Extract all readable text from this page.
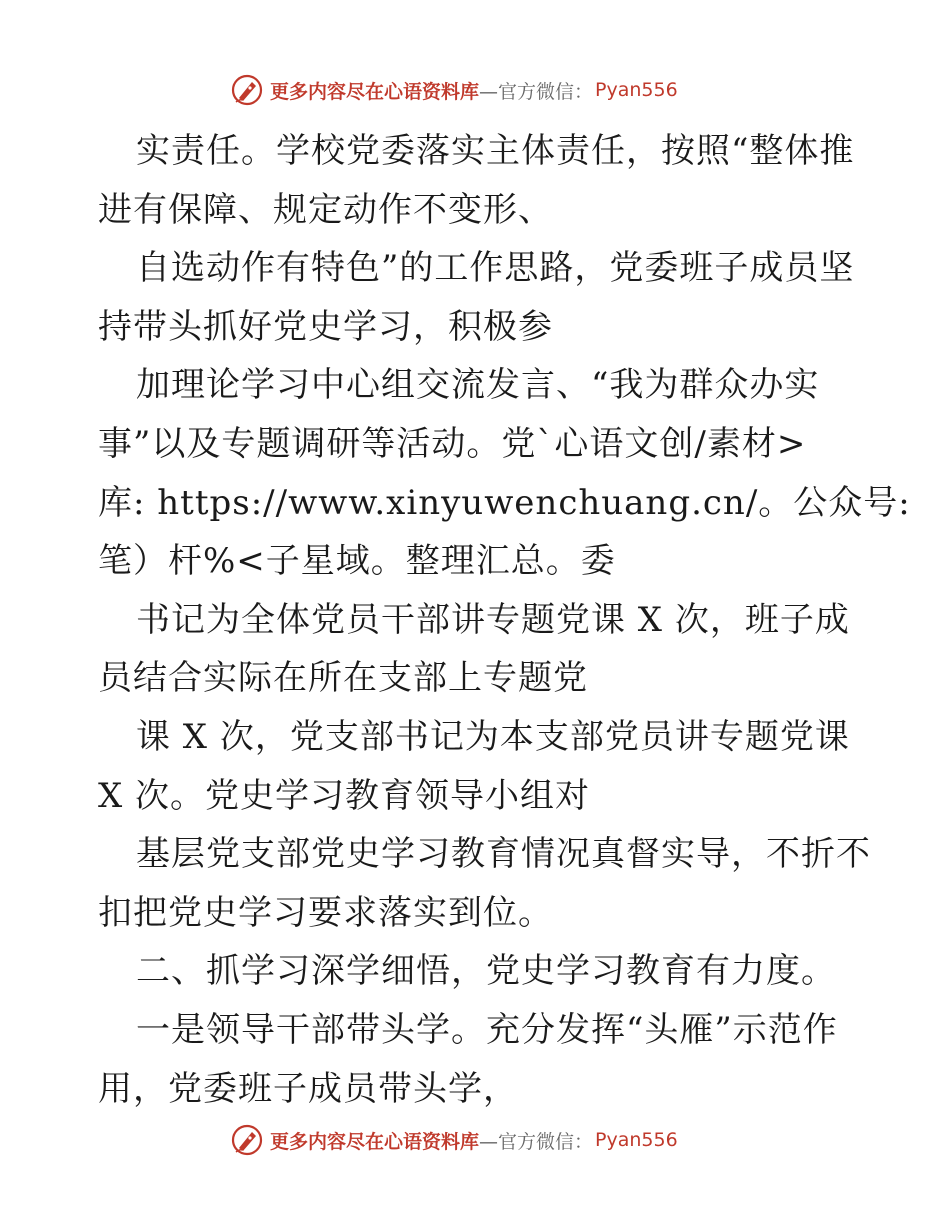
更多内容尽在心语资料库 —官方微信： Pyan556
实责任。学校党委落实主体责任，按照“整体推
进有保障、规定动作不变形、
自选动作有特色”的工作思路，党委班子成员坚
持带头抓好党史学习，积极参
加理论学习中心组交流发言、“我为群众办实
事”以及专题调研等活动。党`心语文创/素材>
库: https://www.xinyuwenchuang.cn/。公众号:
笔）杆%<子星域。整理汇总。委
书记为全体党员干部讲专题党课 X 次，班子成
员结合实际在所在支部上专题党
课 X 次，党支部书记为本支部党员讲专题党课
X 次。党史学习教育领导小组对
基层党支部党史学习教育情况真督实导，不折不
扣把党史学习要求落实到位。
二、抓学习深学细悟，党史学习教育有力度。
一是领导干部带头学。充分发挥“头雁”示范作
用，党委班子成员带头学，
更多内容尽在心语资料库 —官方微信： Pyan556
